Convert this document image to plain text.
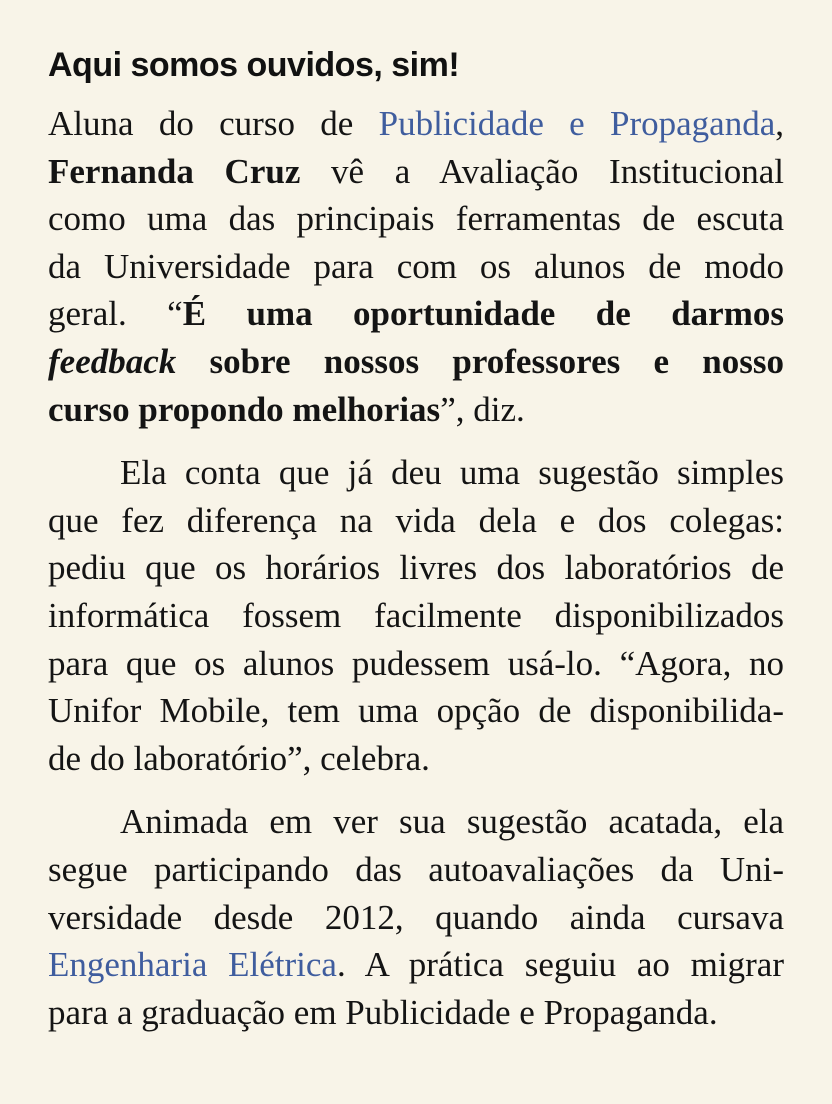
Aqui somos ouvidos, sim!
Aluna do curso de Publicidade e Propaganda,
Fernanda Cruz vê a Avaliação Institucional
como uma das principais ferramentas de escuta
da Universidade para com os alunos de modo
geral. “É uma oportunidade de darmos
feedback sobre nossos professores e nosso
curso propondo melhorias”, diz.
Ela conta que já deu uma sugestão simples
que fez diferença na vida dela e dos colegas:
pediu que os horários livres dos laboratórios de
informática fossem facilmente disponibilizados
para que os alunos pudessem usá-lo. “Agora, no
Unifor Mobile, tem uma opção de disponibilida-
de do laboratório”, celebra.
Animada em ver sua sugestão acatada, ela
segue participando das autoavaliações da Uni-
versidade desde 2012, quando ainda cursava
Engenharia Elétrica. A prática seguiu ao migrar
para a graduação em Publicidade e Propaganda.
